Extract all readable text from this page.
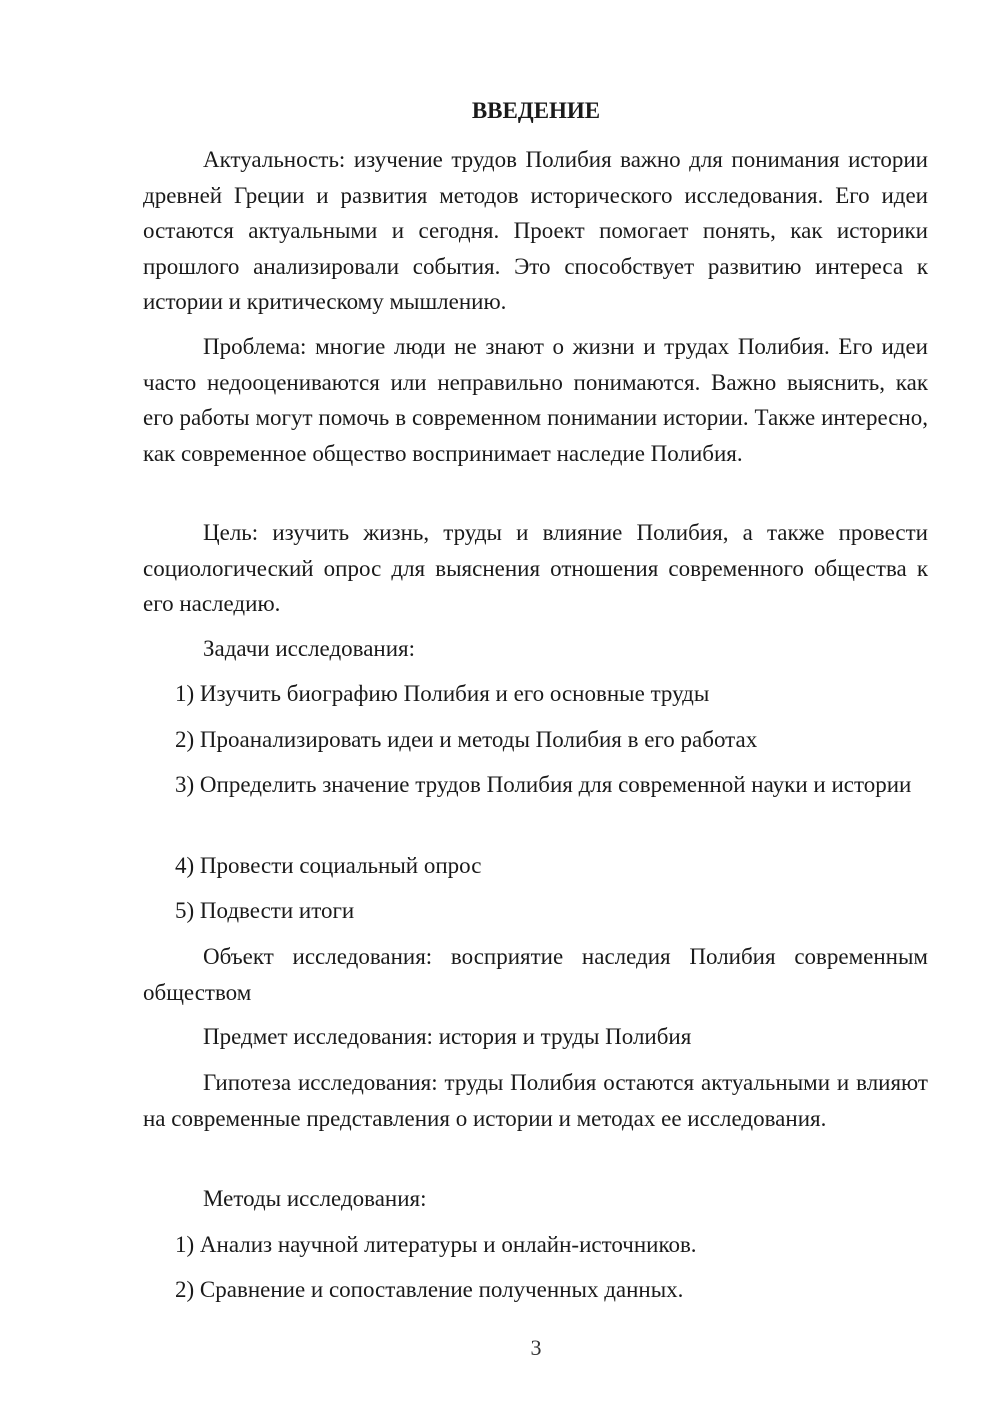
ВВЕДЕНИЕ

Актуальность: изучение трудов Полибия важно для понимания истории древней Греции и развития методов исторического исследования. Его идеи остаются актуальными и сегодня. Проект помогает понять, как историки прошлого анализировали события. Это способствует развитию интереса к истории и критическому мышлению.

Проблема: многие люди не знают о жизни и трудах Полибия. Его идеи часто недооцениваются или неправильно понимаются. Важно выяснить, как его работы могут помочь в современном понимании истории. Также интересно, как современное общество воспринимает наследие Полибия.

Цель: изучить жизнь, труды и влияние Полибия, а также провести социологический опрос для выяснения отношения современного общества к его наследию.

Задачи исследования:

1) Изучить биографию Полибия и его основные труды

2) Проанализировать идеи и методы Полибия в его работах

3) Определить значение трудов Полибия для современной науки и истории

4) Провести социальный опрос

5) Подвести итоги

Объект исследования: восприятие наследия Полибия современным обществом

Предмет исследования: история и труды Полибия

Гипотеза исследования: труды Полибия остаются актуальными и влияют на современные представления о истории и методах ее исследования.

Методы исследования:

1) Анализ научной литературы и онлайн-источников.

2) Сравнение и сопоставление полученных данных.

3
